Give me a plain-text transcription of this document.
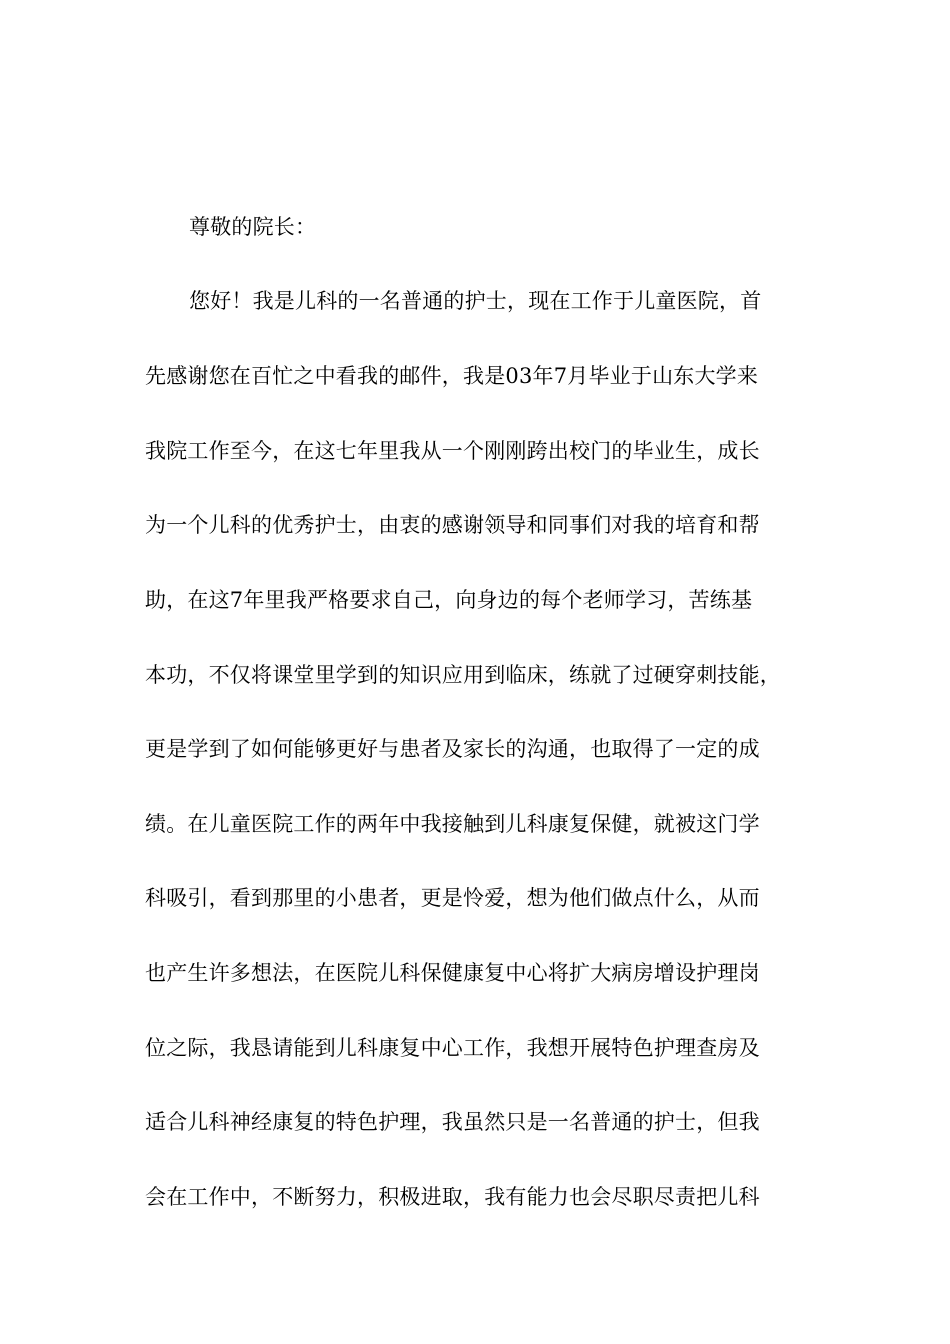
尊敬的院长：
您好！我是儿科的一名普通的护士，现在工作于儿童医院，首
先感谢您在百忙之中看我的邮件，我是03年7月毕业于山东大学来
我院工作至今，在这七年里我从一个刚刚跨出校门的毕业生，成长
为一个儿科的优秀护士，由衷的感谢领导和同事们对我的培育和帮
助，在这7年里我严格要求自己，向身边的每个老师学习，苦练基
本功，不仅将课堂里学到的知识应用到临床，练就了过硬穿刺技能，
更是学到了如何能够更好与患者及家长的沟通，也取得了一定的成
绩。在儿童医院工作的两年中我接触到儿科康复保健，就被这门学
科吸引，看到那里的小患者，更是怜爱，想为他们做点什么，从而
也产生许多想法，在医院儿科保健康复中心将扩大病房增设护理岗
位之际，我恳请能到儿科康复中心工作，我想开展特色护理查房及
适合儿科神经康复的特色护理，我虽然只是一名普通的护士，但我
会在工作中，不断努力，积极进取，我有能力也会尽职尽责把儿科
